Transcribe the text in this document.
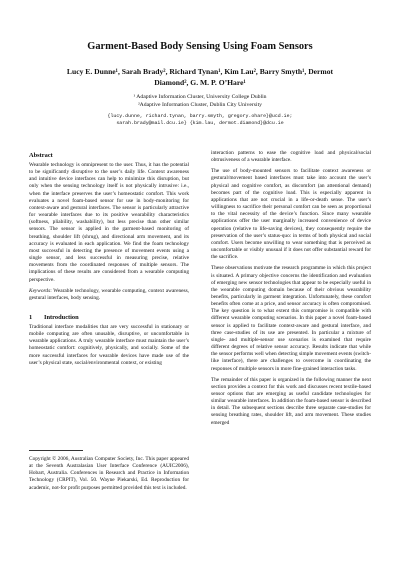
Garment-Based Body Sensing Using Foam Sensors
Lucy E. Dunne¹, Sarah Brady², Richard Tynan¹, Kim Lau², Barry Smyth¹, Dermot
Diamond², G. M. P. O’Hare¹
¹ Adaptive Information Cluster, University College Dublin
²Adaptive Information Cluster, Dublin City University
{lucy.dunne, richard.tynan, barry.smyth, gregory.ohare}@ucd.ie;
sarah.brady@mail.dcu.ie} {kim.lau, dermot.diamond}@dcu.ie
Abstract

Wearable technology is omnipresent to the user. Thus, it has the potential to be significantly disruptive to the user’s daily life. Context awareness and intuitive device interfaces can help to minimize this disruption, but only when the sensing technology itself is not physically intrusive: i.e., when the interface preserves the user’s homeostatic comfort. This work evaluates a novel foam-based sensor for use in body-monitoring for context-aware and gestural interfaces. The sensor is particularly attractive for wearable interfaces due to its positive wearability characteristics (softness, pliability, washability), but less precise than other similar sensors. The sensor is applied in the garment-based monitoring of breathing, shoulder lift (shrug), and directional arm movement, and its accuracy is evaluated in each application. We find the foam technology most successful in detecting the presence of movement events using a single sensor, and less successful in measuring precise, relative movements from the coordinated responses of multiple sensors. The implications of these results are considered from a wearable computing perspective.

Keywords: Wearable technology, wearable computing, context awareness, gestural interfaces, body sensing.

1 Introduction

Traditional interface modalities that are very successful in stationary or mobile computing are often unusable, disruptive, or uncomfortable in wearable applications. A truly wearable interface must maintain the user’s homeostatic comfort: cognitively, physically, and socially. Some of the more successful interfaces for wearable devices have made use of the user’s physical state, social/environmental context, or existing

Copyright © 2006, Australian Computer Society, Inc. This paper appeared at the Seventh Australasian User Interface Conference (AUIC2006), Hobart, Australia. Conferences in Research and Practice in Information Technology (CRPIT), Vol. 50. Wayne Piekarski, Ed. Reproduction for academic, not-for profit purposes permitted provided this text is included.

interaction patterns to ease the cognitive load and physical/social obtrusiveness of a wearable interface.

The use of body-mounted sensors to facilitate context awareness or gestural/movement based interfaces must take into account the user’s physical and cognitive comfort, as discomfort (an attentional demand) becomes part of the cognitive load. This is especially apparent in applications that are not crucial in a life-or-death sense. The user’s willingness to sacrifice their personal comfort can be seen as proportional to the vital necessity of the device’s function. Since many wearable applications offer the user marginally increased convenience of device operation (relative to life-saving devices), they consequently require the preservation of the user’s status-quo: in terms of both physical and social comfort. Users become unwilling to wear something that is perceived as uncomfortable or visibly unusual if it does not offer substantial reward for the sacrifice.

These observations motivate the research programme in which this project is situated. A primary objective concerns the identification and evaluation of emerging new sensor technologies that appear to be especially useful in the wearable computing domain because of their obvious wearability benefits, particularly in garment integration. Unfortunately, these comfort benefits often come at a price, and sensor accuracy is often compromised. The key question is to what extent this compromise is compatible with different wearable computing scenarios. In this paper a novel foam-based sensor is applied to facilitate context-aware and gestural interface, and three case-studies of its use are presented. In particular a mixture of single- and multiple-sensor use scenarios is examined that require different degrees of relative sensor accuracy. Results indicate that while the sensor performs well when detecting simple movement events (switch-like interface), there are challenges to overcome in coordinating the responses of multiple sensors in more fine-grained interaction tasks.

The remainder of this paper is organized in the following manner the next section provides a context for this work and discusses recent textile-based sensor options that are emerging as useful candidate technologies for similar wearable interfaces. In addition the foam-based sensor is described in detail. The subsequent sections describe three separate case-studies for sensing breathing rates, shoulder lift, and arm movement. These studies emerged
